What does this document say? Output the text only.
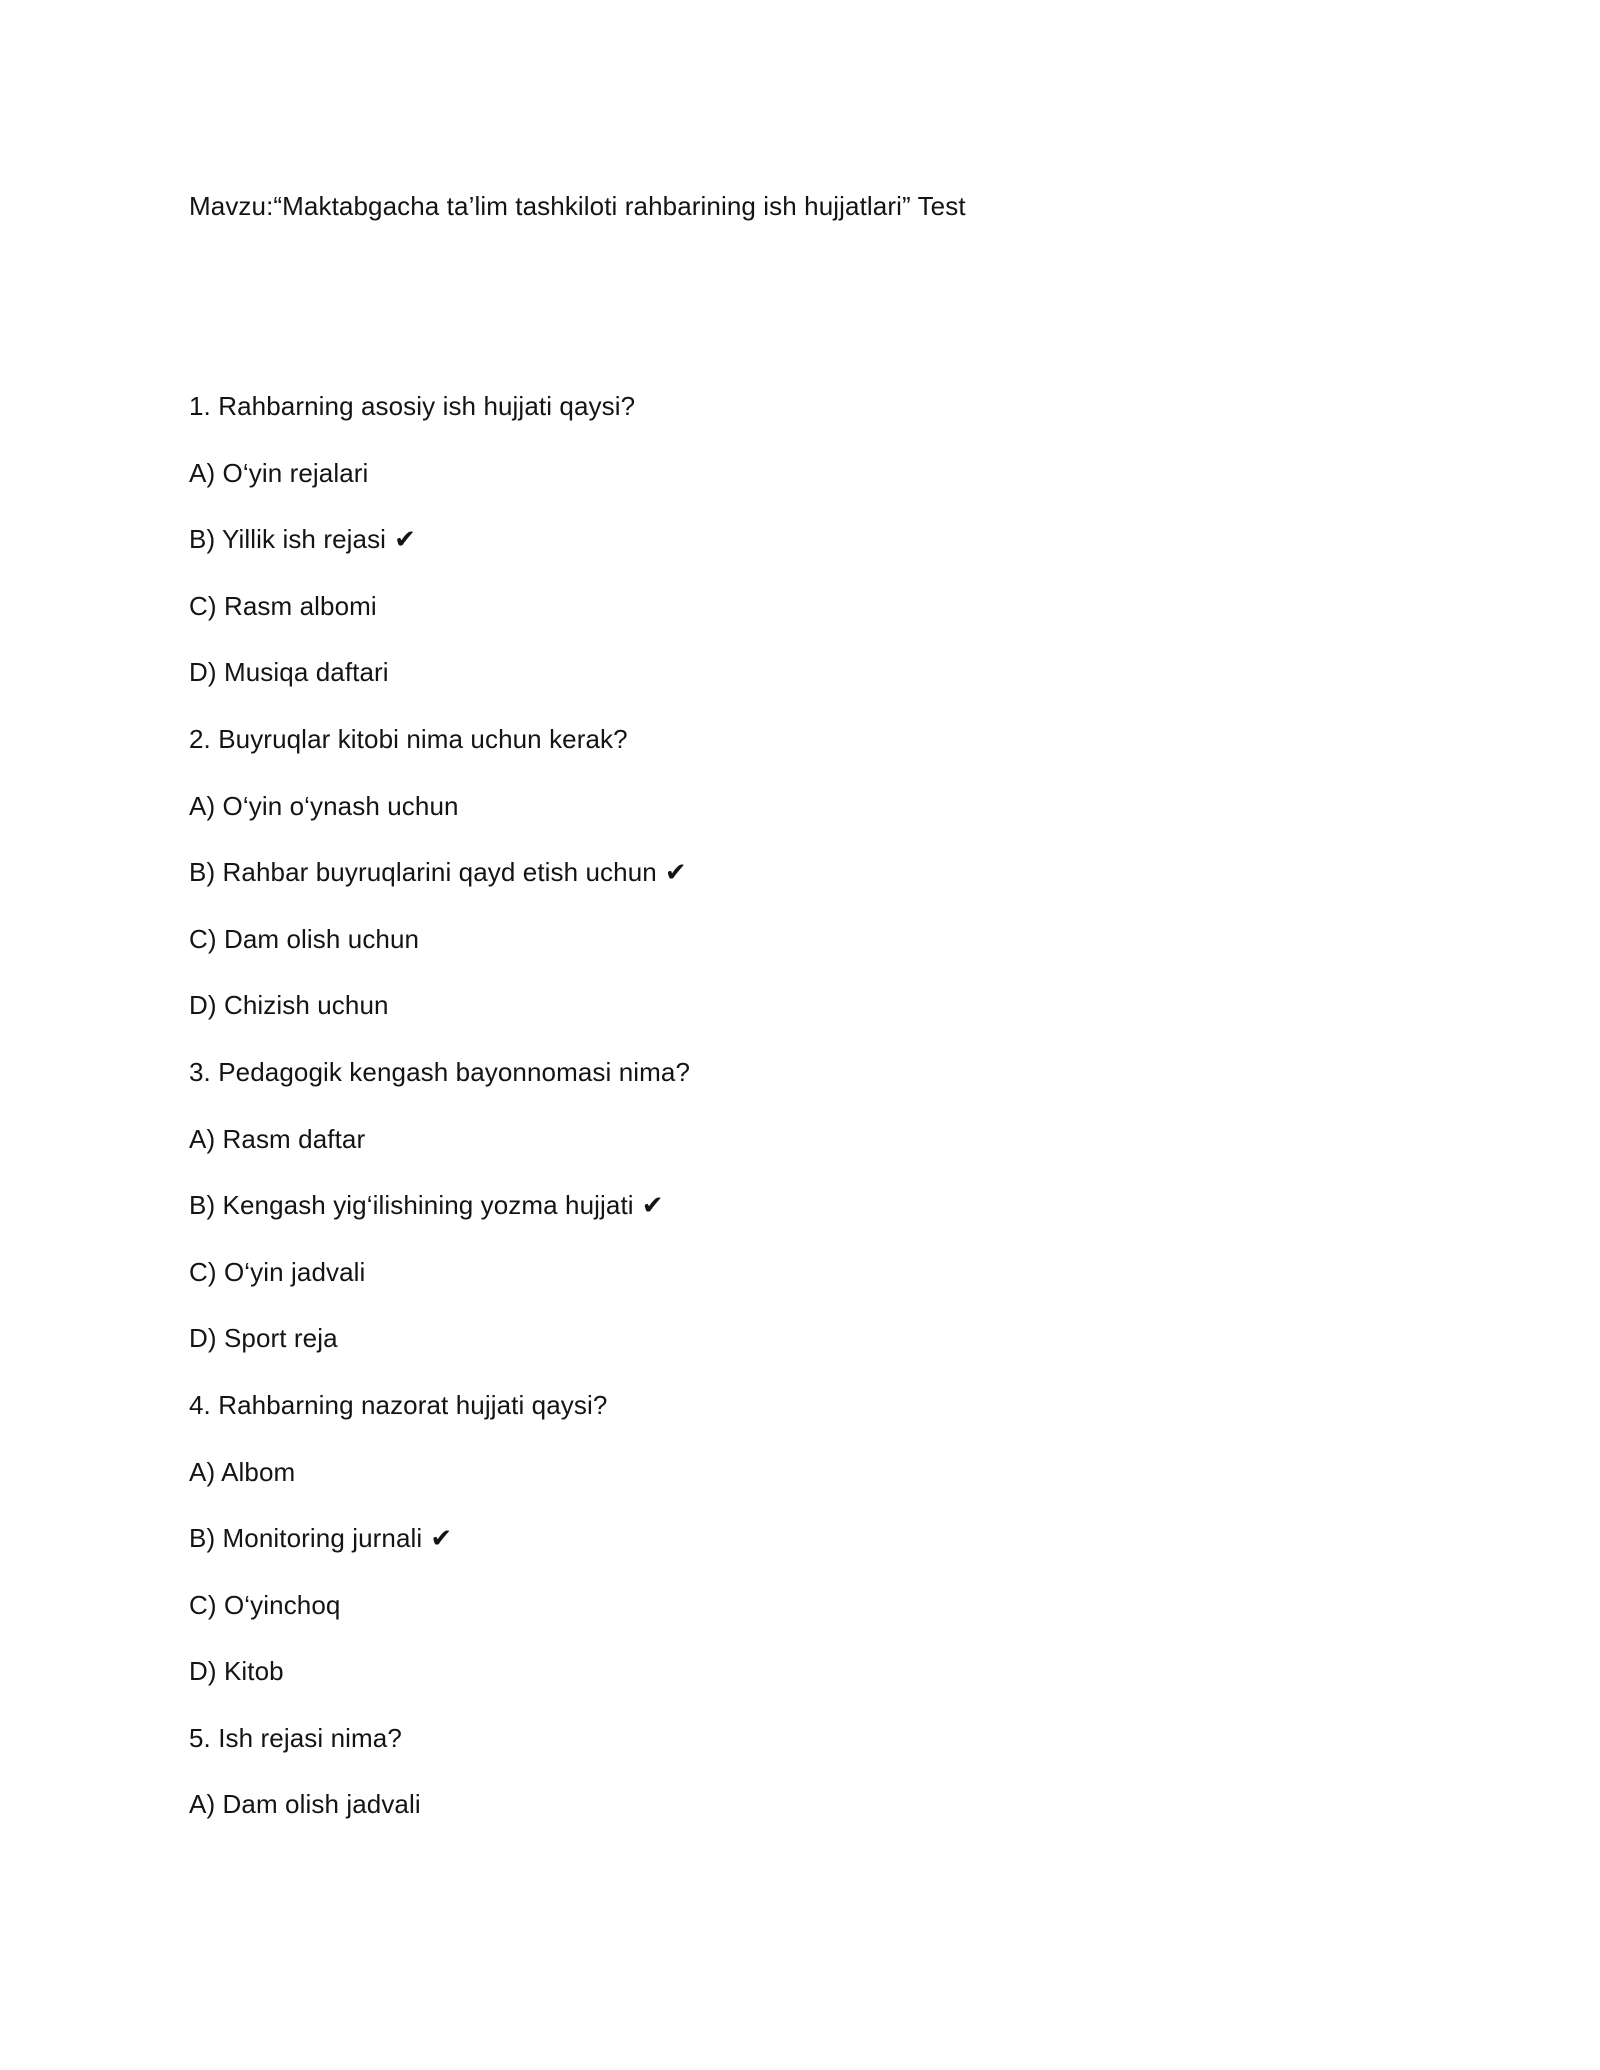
Mavzu:“Maktabgacha ta’lim tashkiloti rahbarining ish hujjatlari” Test
1. Rahbarning asosiy ish hujjati qaysi?
A) O‘yin rejalari
B) Yillik ish rejasi ✔
C) Rasm albomi
D) Musiqa daftari
2. Buyruqlar kitobi nima uchun kerak?
A) O‘yin o‘ynash uchun
B) Rahbar buyruqlarini qayd etish uchun ✔
C) Dam olish uchun
D) Chizish uchun
3. Pedagogik kengash bayonnomasi nima?
A) Rasm daftar
B) Kengash yig‘ilishining yozma hujjati ✔
C) O‘yin jadvali
D) Sport reja
4. Rahbarning nazorat hujjati qaysi?
A) Albom
B) Monitoring jurnali ✔
C) O‘yinchoq
D) Kitob
5. Ish rejasi nima?
A) Dam olish jadvali
